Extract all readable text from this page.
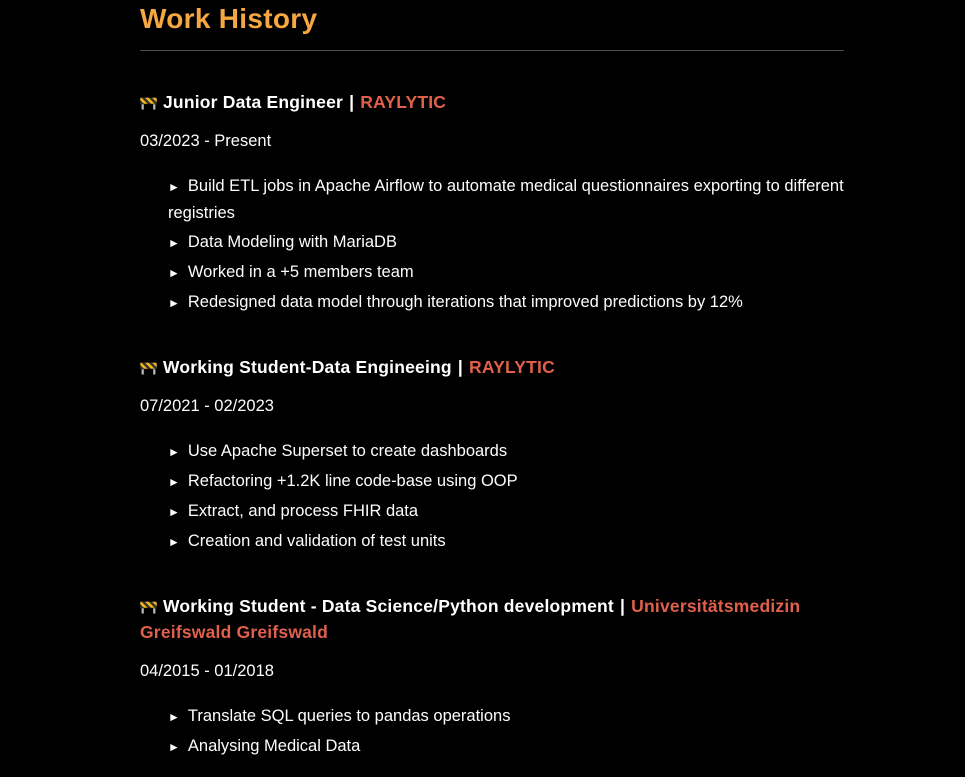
Work History
Junior Data Engineer | RAYLYTIC

03/2023 - Present

► Build ETL jobs in Apache Airﬂow to automate medical questionnaires exporting to different registries
► Data Modeling with MariaDB
► Worked in a +5 members team
► Redesigned data model through iterations that improved predictions by 12%
Working Student-Data Engineeing | RAYLYTIC

07/2021 - 02/2023

► Use Apache Superset to create dashboards
► Refactoring +1.2K line code-base using OOP
► Extract, and process FHIR data
► Creation and validation of test units
Working Student - Data Science/Python development | Universitätsmedizin Greifswald Greifswald

04/2015 - 01/2018

► Translate SQL queries to pandas operations
► Analysing Medical Data
